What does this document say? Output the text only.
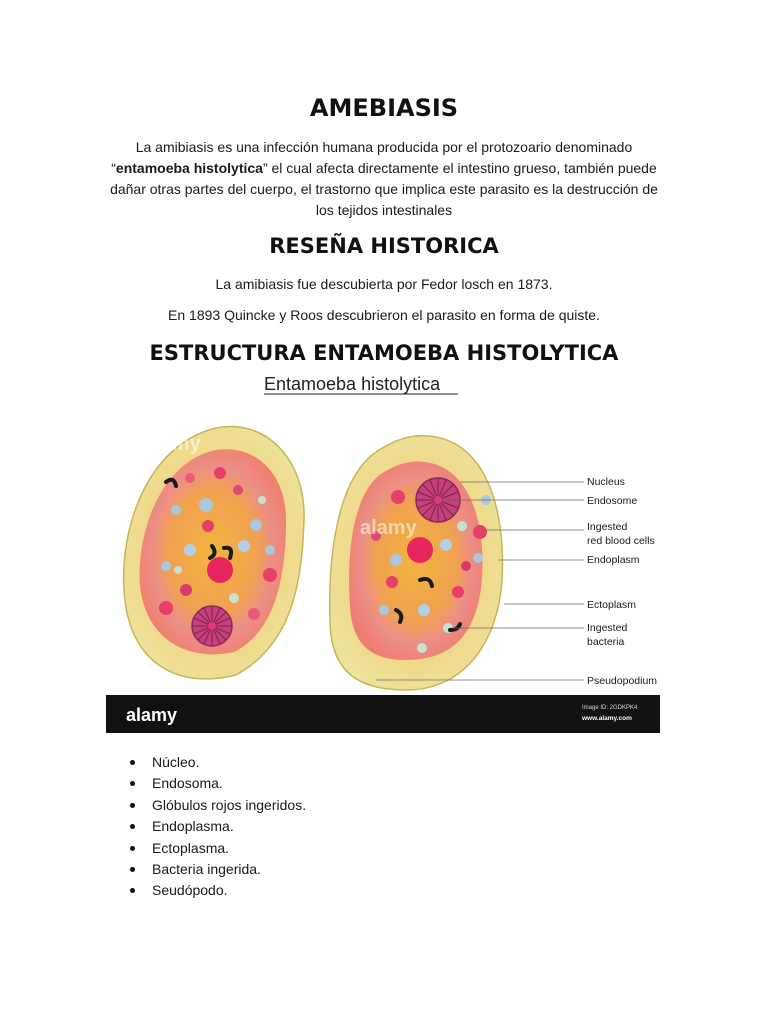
AMEBIASIS

La amibiasis es una infección humana producida por el protozoario denominado “entamoeba histolytica” el cual afecta directamente el intestino grueso, también puede dañar otras partes del cuerpo, el trastorno que implica este parasito es la destrucción de los tejidos intestinales

RESEÑA HISTORICA

La amibiasis fue descubierta por Fedor losch en 1873.

En 1893 Quincke y Roos descubrieron el parasito en forma de quiste.

ESTRUCTURA ENTAMOEBA HISTOLYTICA
Entamoeba histolytica
alamy
alamy
Nucleus
Endosome
Ingested
red blood cells
Endoplasm
Ectoplasm
Ingested
bacteria
Pseudopodium
alamy	Image ID: 2GDKPK4
www.alamy.com
Núcleo.
Endosoma.
Glóbulos rojos ingeridos.
Endoplasma.
Ectoplasma.
Bacteria ingerida.
Seudópodo.
